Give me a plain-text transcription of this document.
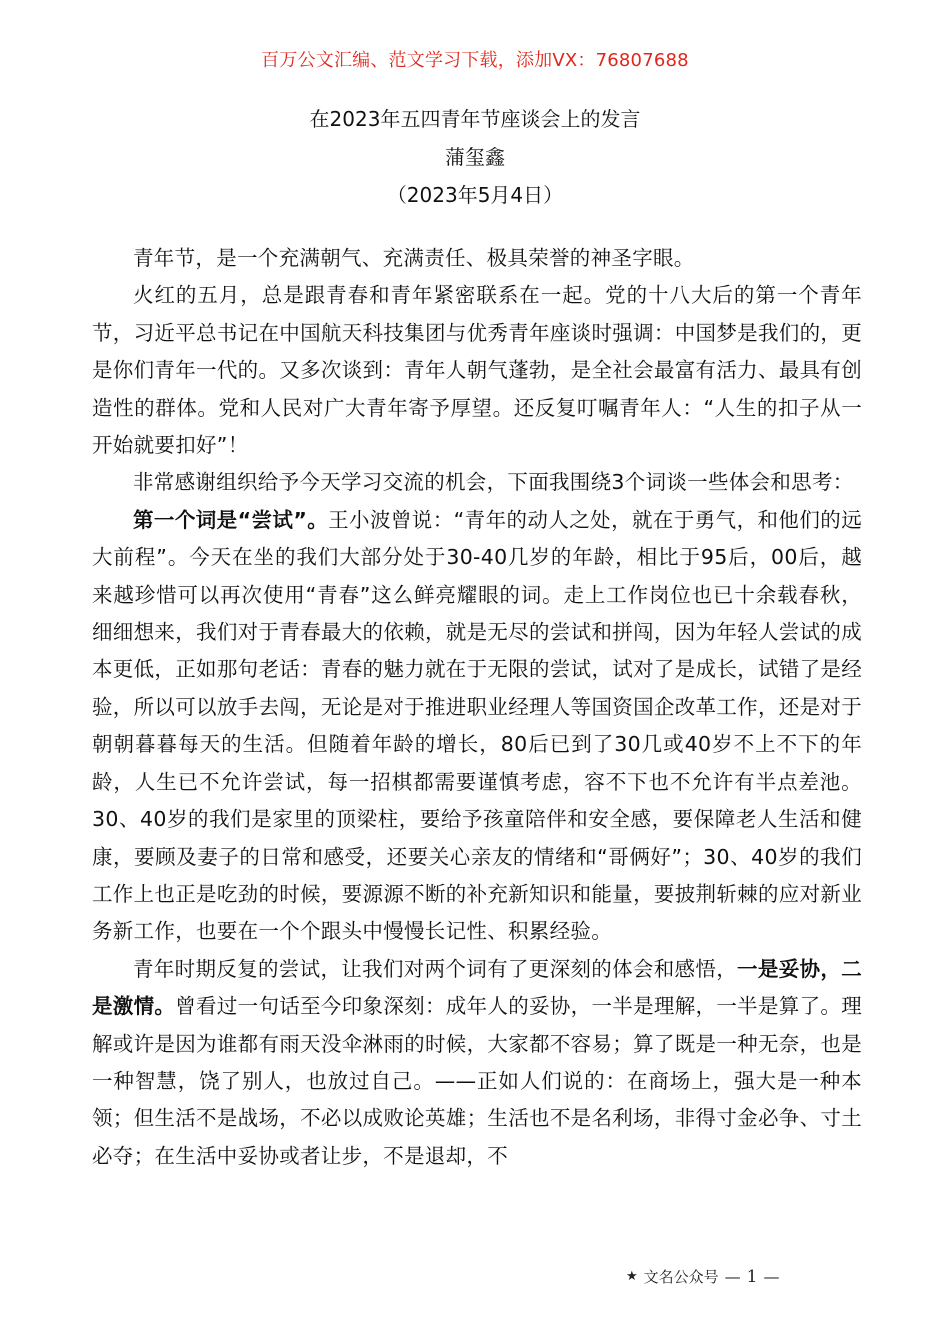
百万公文汇编、范文学习下载，添加VX：76807688
在2023年五四青年节座谈会上的发言
蒲玺鑫
（2023年5月4日）

青年节，是一个充满朝气、充满责任、极具荣誉的神圣字眼。

火红的五月，总是跟青春和青年紧密联系在一起。党的十八大后的第一个青年节，习近平总书记在中国航天科技集团与优秀青年座谈时强调：中国梦是我们的，更是你们青年一代的。又多次谈到：青年人朝气蓬勃，是全社会最富有活力、最具有创造性的群体。党和人民对广大青年寄予厚望。还反复叮嘱青年人：“人生的扣子从一开始就要扣好”！

非常感谢组织给予今天学习交流的机会，下面我围绕3个词谈一些体会和思考：

第一个词是“尝试”。王小波曾说：“青年的动人之处，就在于勇气，和他们的远大前程”。今天在坐的我们大部分处于30-40几岁的年龄，相比于95后，00后，越来越珍惜可以再次使用“青春”这么鲜亮耀眼的词。走上工作岗位也已十余载春秋，细细想来，我们对于青春最大的依赖，就是无尽的尝试和拼闯，因为年轻人尝试的成本更低，正如那句老话：青春的魅力就在于无限的尝试，试对了是成长，试错了是经验，所以可以放手去闯，无论是对于推进职业经理人等国资国企改革工作，还是对于朝朝暮暮每天的生活。但随着年龄的增长，80后已到了30几或40岁不上不下的年龄，人生已不允许尝试，每一招棋都需要谨慎考虑，容不下也不允许有半点差池。30、40岁的我们是家里的顶梁柱，要给予孩童陪伴和安全感，要保障老人生活和健康，要顾及妻子的日常和感受，还要关心亲友的情绪和“哥俩好”；30、40岁的我们工作上也正是吃劲的时候，要源源不断的补充新知识和能量，要披荆斩棘的应对新业务新工作，也要在一个个跟头中慢慢长记性、积累经验。

青年时期反复的尝试，让我们对两个词有了更深刻的体会和感悟，一是妥协，二是激情。曾看过一句话至今印象深刻：成年人的妥协，一半是理解，一半是算了。理解或许是因为谁都有雨天没伞淋雨的时候，大家都不容易；算了既是一种无奈，也是一种智慧，饶了别人，也放过自己。——正如人们说的：在商场上，强大是一种本领；但生活不是战场，不必以成败论英雄；生活也不是名利场，非得寸金必争、寸土必夺；在生活中妥协或者让步，不是退却，不

★ 文名公众号 — 1 —
